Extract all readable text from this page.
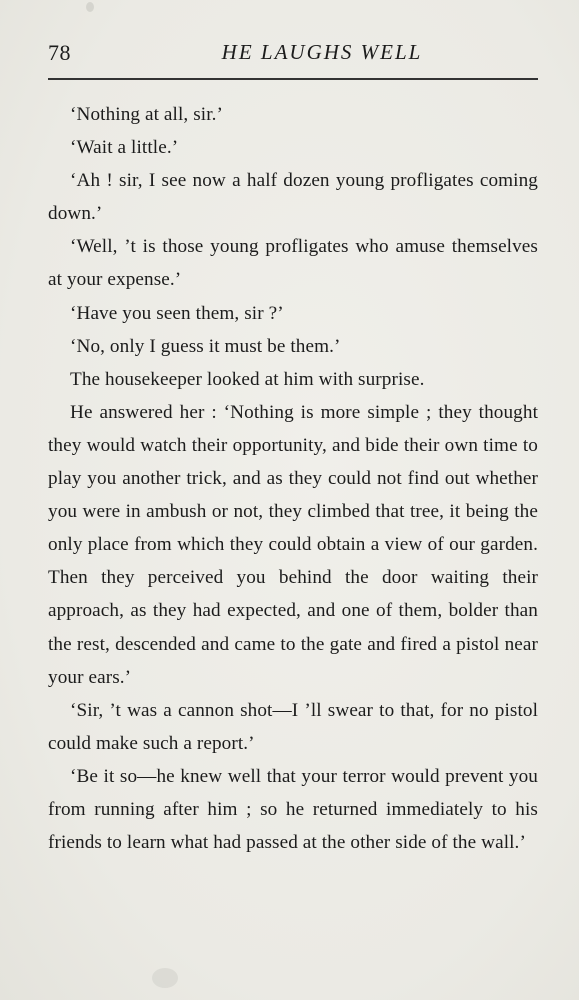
78	HE LAUGHS WELL

‘Nothing at all, sir.’

‘Wait a little.’

‘Ah ! sir, I see now a half dozen young profligates coming down.’

‘Well, ’t is those young profligates who amuse themselves at your expense.’

‘Have you seen them, sir ?’

‘No, only I guess it must be them.’

The housekeeper looked at him with surprise.

He answered her : ‘Nothing is more simple ; they thought they would watch their opportunity, and bide their own time to play you another trick, and as they could not find out whether you were in ambush or not, they climbed that tree, it being the only place from which they could obtain a view of our garden. Then they perceived you behind the door waiting their approach, as they had expected, and one of them, bolder than the rest, descended and came to the gate and fired a pistol near your ears.’

‘Sir, ’t was a cannon shot—I ’ll swear to that, for no pistol could make such a report.’

‘Be it so—he knew well that your terror would prevent you from running after him ; so he returned immediately to his friends to learn what had passed at the other side of the wall.’
